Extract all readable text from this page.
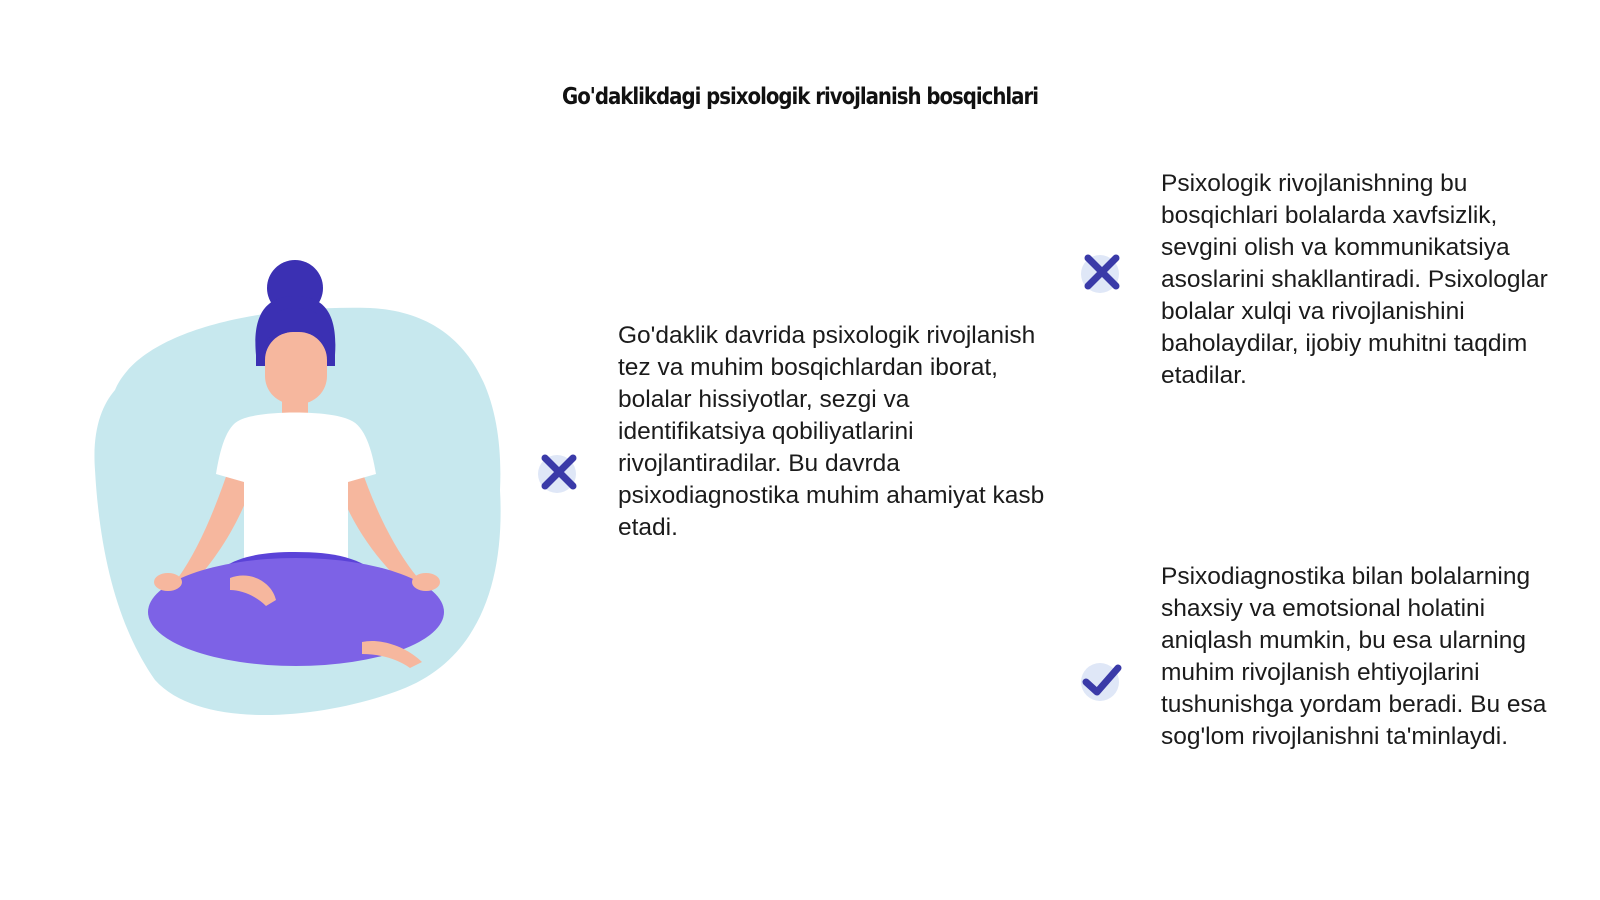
Go'daklikdagi psixologik rivojlanish bosqichlari
Go'daklik davrida psixologik rivojlanish tez va muhim bosqichlardan iborat, bolalar hissiyotlar, sezgi va identifikatsiya qobiliyatlarini rivojlantiradilar. Bu davrda psixodiagnostika muhim ahamiyat kasb etadi.
Psixologik rivojlanishning bu bosqichlari bolalarda xavfsizlik, sevgini olish va kommunikatsiya asoslarini shakllantiradi. Psixologlar bolalar xulqi va rivojlanishini baholaydilar, ijobiy muhitni taqdim etadilar.
Psixodiagnostika bilan bolalarning shaxsiy va emotsional holatini aniqlash mumkin, bu esa ularning muhim rivojlanish ehtiyojlarini tushunishga yordam beradi. Bu esa sog'lom rivojlanishni ta'minlaydi.
